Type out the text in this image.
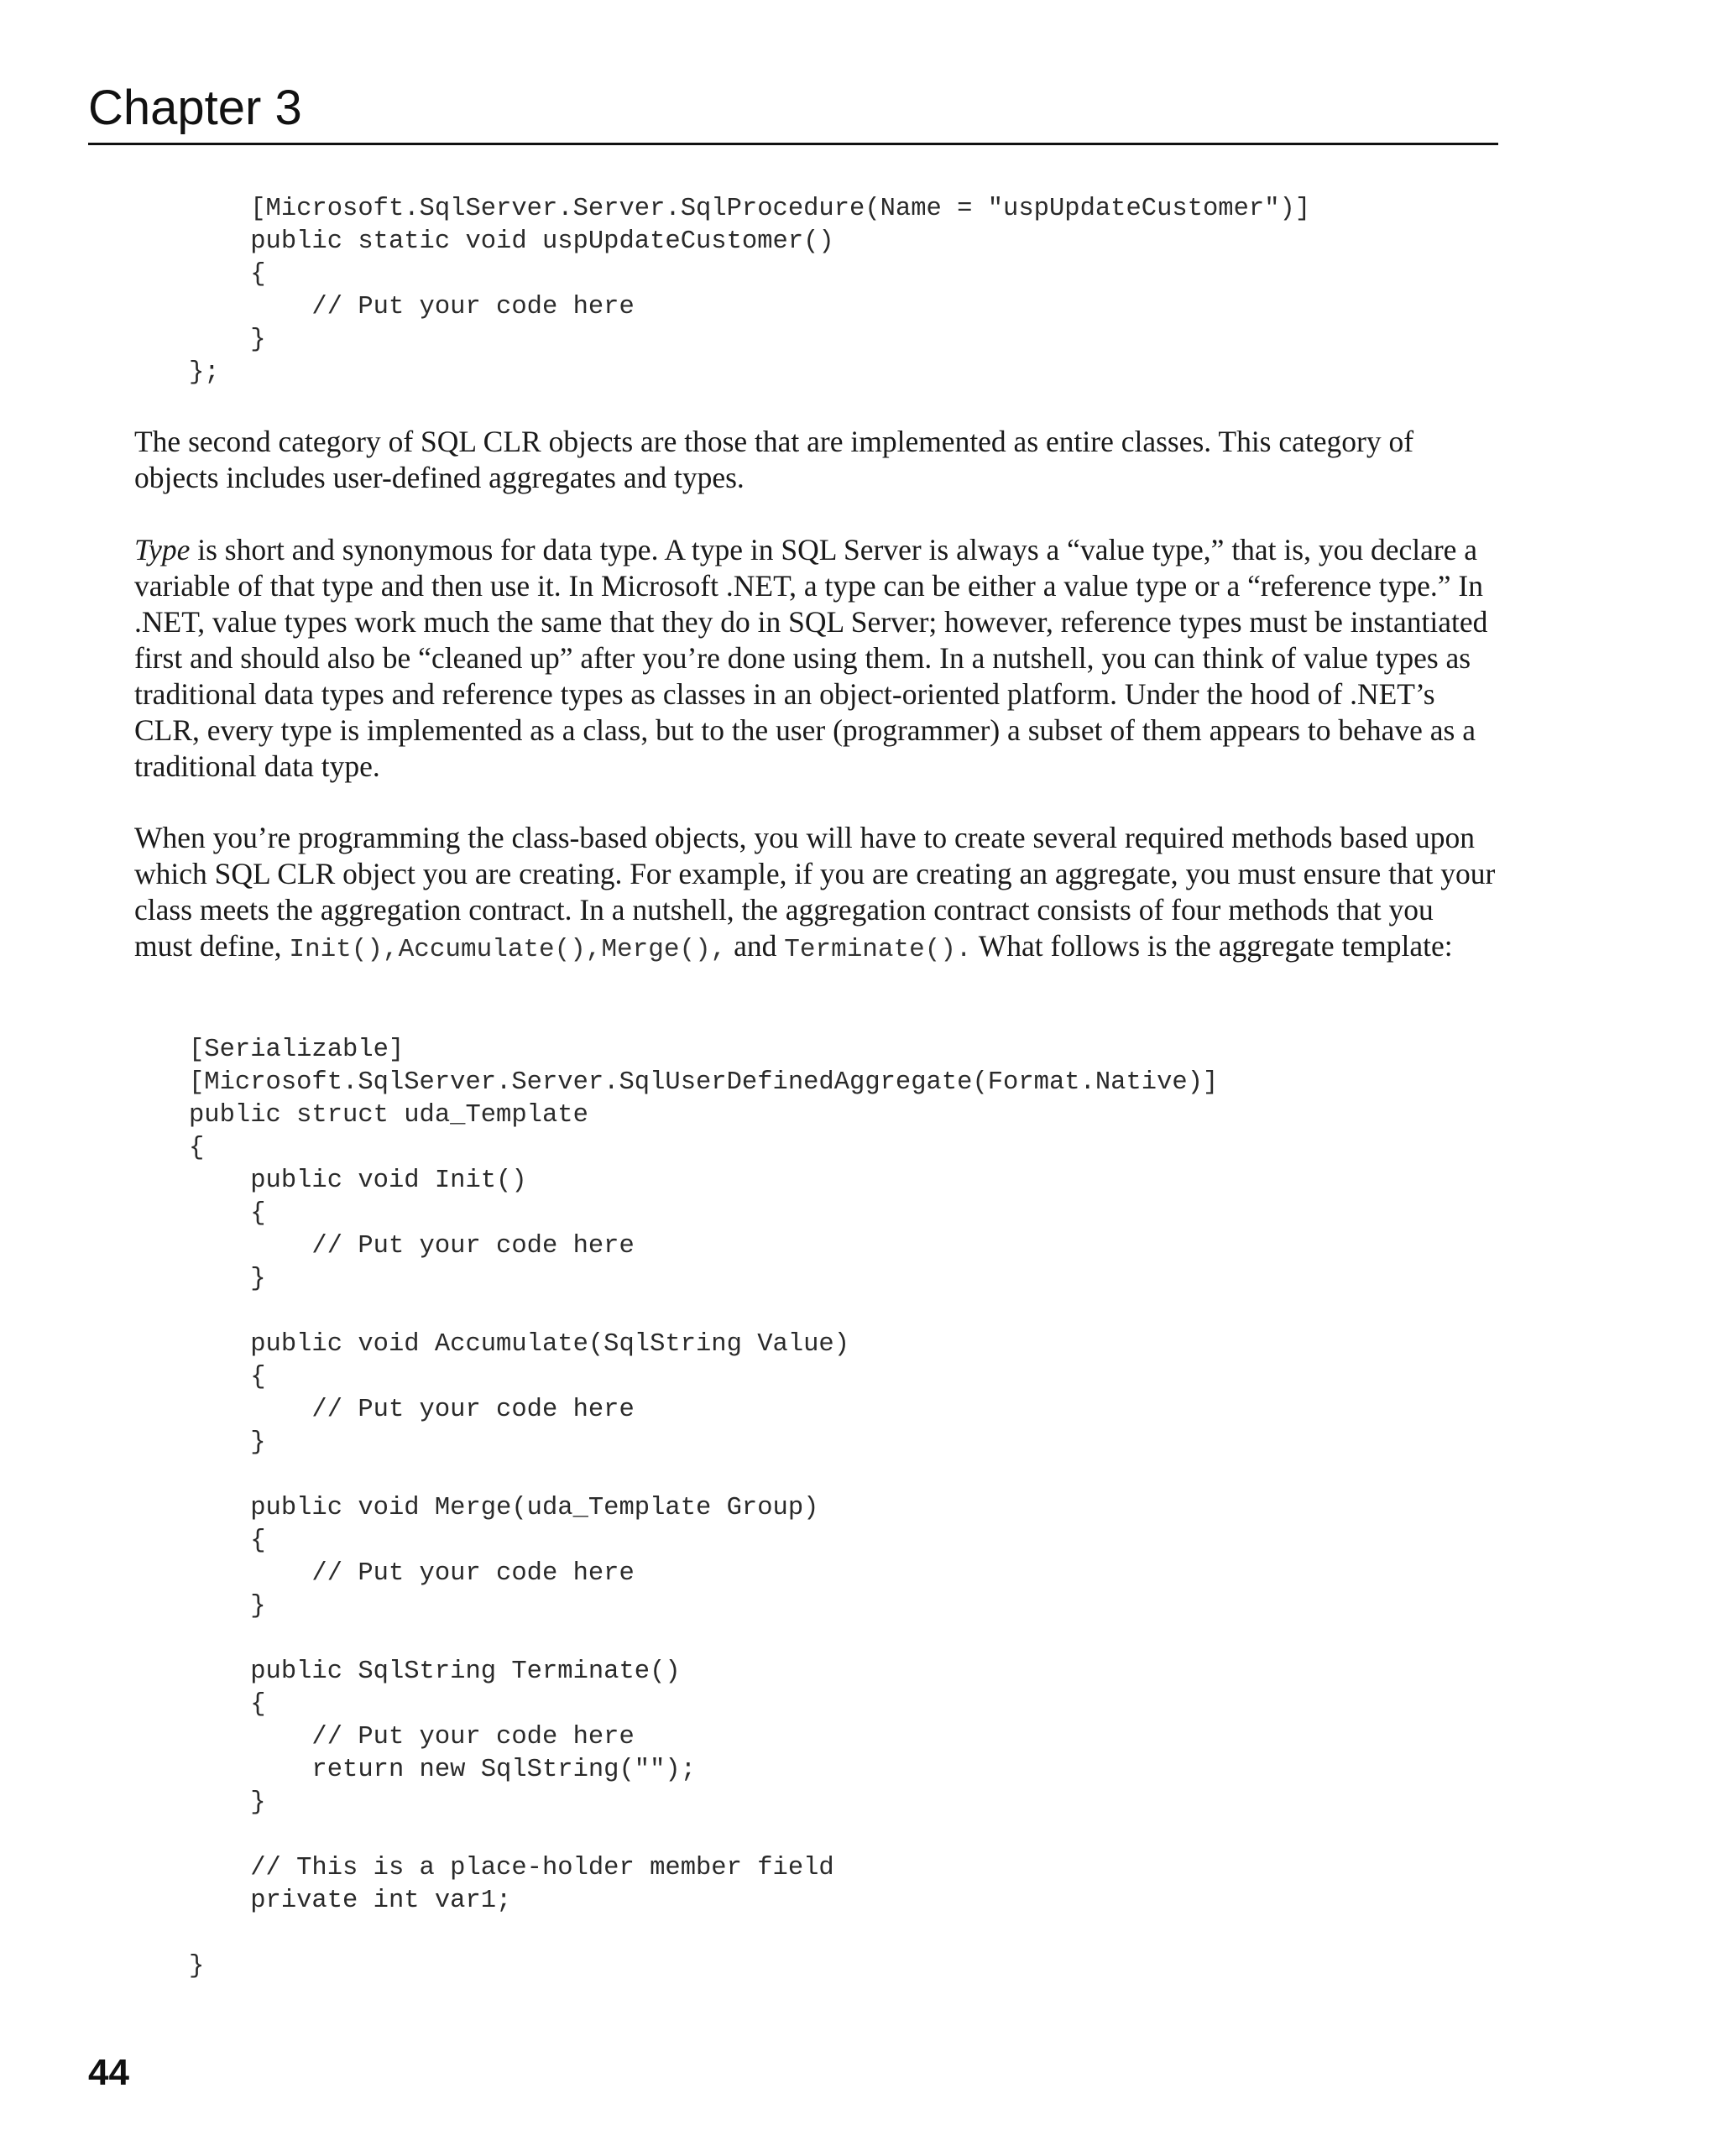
Chapter 3
[Microsoft.SqlServer.Server.SqlProcedure(Name = "uspUpdateCustomer")]
public static void uspUpdateCustomer()
{
// Put your code here
}
};

The second category of SQL CLR objects are those that are implemented as entire classes. This category of objects includes user-defined aggregates and types.

Type is short and synonymous for data type. A type in SQL Server is always a “value type,” that is, you declare a variable of that type and then use it. In Microsoft .NET, a type can be either a value type or a “reference type.” In .NET, value types work much the same that they do in SQL Server; however, reference types must be instantiated first and should also be “cleaned up” after you’re done using them. In a nutshell, you can think of value types as traditional data types and reference types as classes in an object-oriented platform. Under the hood of .NET’s CLR, every type is implemented as a class, but to the user (programmer) a subset of them appears to behave as a traditional data type.

When you’re programming the class-based objects, you will have to create several required methods based upon which SQL CLR object you are creating. For example, if you are creating an aggregate, you must ensure that your class meets the aggregation contract. In a nutshell, the aggregation contract consists of four methods that you must define, Init(),Accumulate(),Merge(), and Terminate(). What follows is the aggregate template:

[Serializable]
[Microsoft.SqlServer.Server.SqlUserDefinedAggregate(Format.Native)]
public struct uda_Template
{
public void Init()
{
// Put your code here
}

public void Accumulate(SqlString Value)
{
// Put your code here
}

public void Merge(uda_Template Group)
{
// Put your code here
}

public SqlString Terminate()
{
// Put your code here
return new SqlString("");
}

// This is a place-holder member field
private int var1;

}
44
